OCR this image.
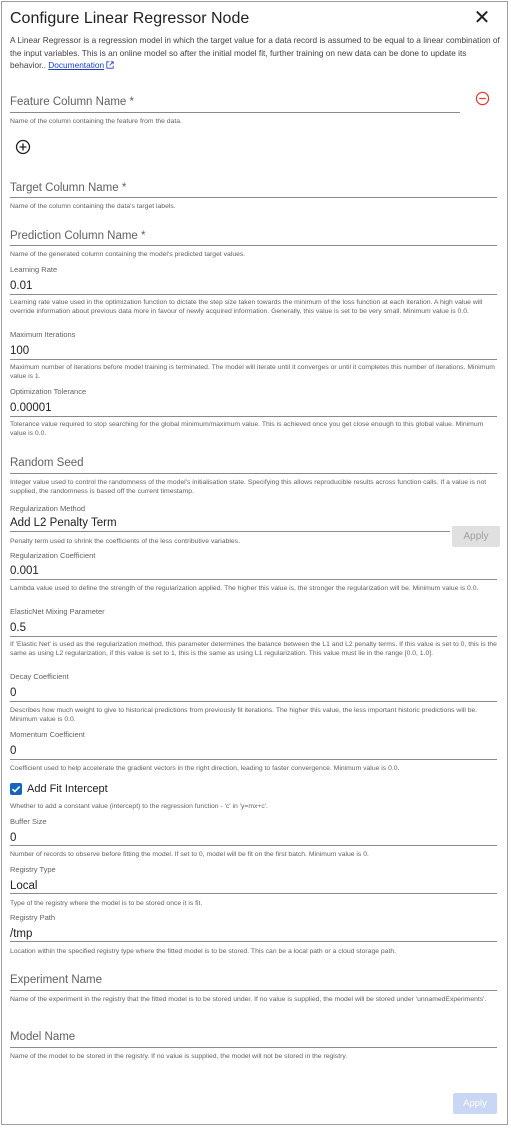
Configure Linear Regressor Node	✕
A Linear Regressor is a regression model in which the target value for a data record is assumed to be equal to a linear combination of the input variables. This is an online model so after the initial model fit, further training on new data can be done to update its behavior.. Documentation
Feature Column Name *
Name of the column containing the feature from the data.
Target Column Name *
Name of the column containing the data's target labels.
Prediction Column Name *
Name of the generated column containing the model's predicted target values.
Learning Rate
0.01
Learning rate value used in the optimization function to dictate the step size taken towards the minimum of the loss function at each iteration. A high value will override information about previous data more in favour of newly acquired information. Generally, this value is set to be very small. Minimum value is 0.0.
Maximum Iterations
100
Maximum number of iterations before model training is terminated. The model will iterate until it converges or until it completes this number of iterations. Minimum value is 1.
Optimization Tolerance
0.00001
Tolerance value required to stop searching for the global minimum/maximum value. This is achieved once you get close enough to this global value. Minimum value is 0.0.
Random Seed
Integer value used to control the randomness of the model's initialisation state. Specifying this allows reproducible results across function calls. If a value is not supplied, the randomness is based off the current timestamp.
Regularization Method
Add L2 Penalty Term
Apply
Penalty term used to shrink the coefficients of the less contributive variables.
Regularization Coefficient
0.001
Lambda value used to define the strength of the regularization applied. The higher this value is, the stronger the regularization will be. Minimum value is 0.0.
ElasticNet Mixing Parameter
0.5
If 'Elastic Net' is used as the regularization method, this parameter determines the balance between the L1 and L2 penalty terms. If this value is set to 0, this is the same as using L2 regularization, if this value is set to 1, this is the same as using L1 regularization. This value must lie in the range [0.0, 1.0].
Decay Coefficient
0
Describes how much weight to give to historical predictions from previously fit iterations. The higher this value, the less important historic predictions will be. Minimum value is 0.0.
Momentum Coefficient
0
Coefficient used to help accelerate the gradient vectors in the right direction, leading to faster convergence. Minimum value is 0.0.
Add Fit Intercept
Whether to add a constant value (intercept) to the regression function - 'c' in 'y=mx+c'.
Buffer Size
0
Number of records to observe before fitting the model. If set to 0, model will be fit on the first batch. Minimum value is 0.
Registry Type
Local
Type of the registry where the model is to be stored once it is fit.
Registry Path
/tmp
Location within the specified registry type where the fitted model is to be stored. This can be a local path or a cloud storage path.
Experiment Name
Name of the experiment in the registry that the fitted model is to be stored under. If no value is supplied, the model will be stored under 'unnamedExperiments'.
Model Name
Name of the model to be stored in the registry. If no value is supplied, the model will not be stored in the registry.
Apply
